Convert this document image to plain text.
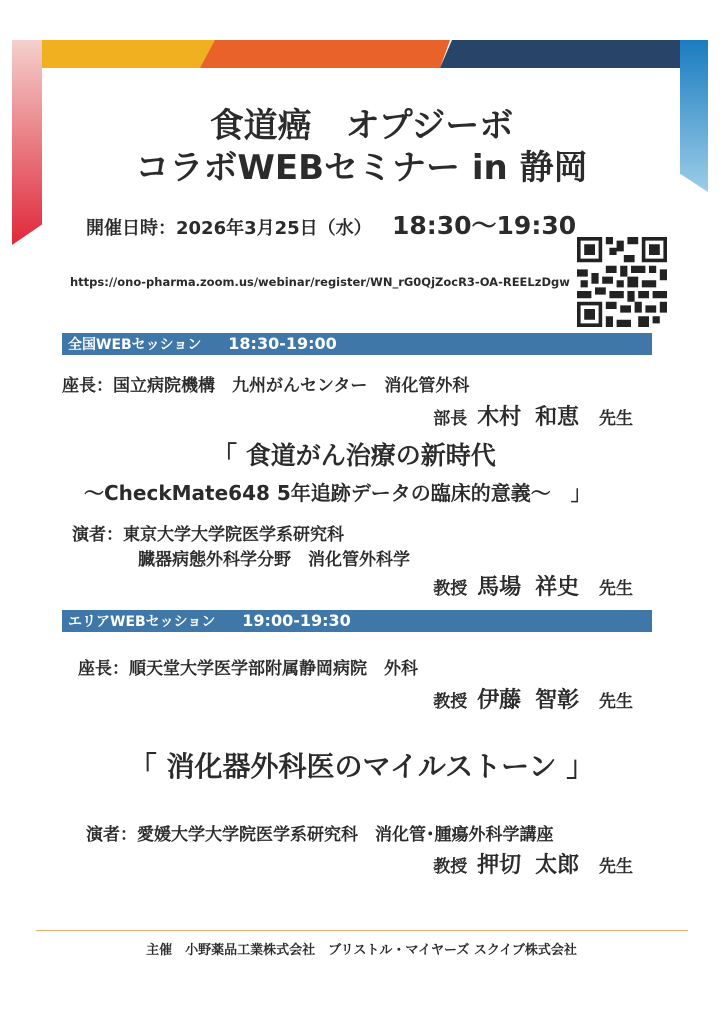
食道癌　オプジーボ
コラボWEBセミナー in 静岡
開催日時：2026年3月25日（水） 18:30〜19:30
https://ono-pharma.zoom.us/webinar/register/WN_rG0QjZocR3-OA-REELzDgw
全国WEBセッション 18:30-19:00
座長：国立病院機構　九州がんセンター　消化管外科
部長 木村 和恵 先生
「 食道がん治療の新時代
〜CheckMate648 5年追跡データの臨床的意義〜　」
演者：東京大学大学院医学系研究科
臓器病態外科学分野　消化管外科学
教授 馬場 祥史 先生
エリアWEBセッション 19:00-19:30
座長：順天堂大学医学部附属静岡病院　外科
教授 伊藤 智彰 先生
「 消化器外科医のマイルストーン 」
演者：愛媛大学大学院医学系研究科　消化管･腫瘍外科学講座
教授 押切 太郎 先生
主催　小野薬品工業株式会社　ブリストル・マイヤーズ スクイブ株式会社
